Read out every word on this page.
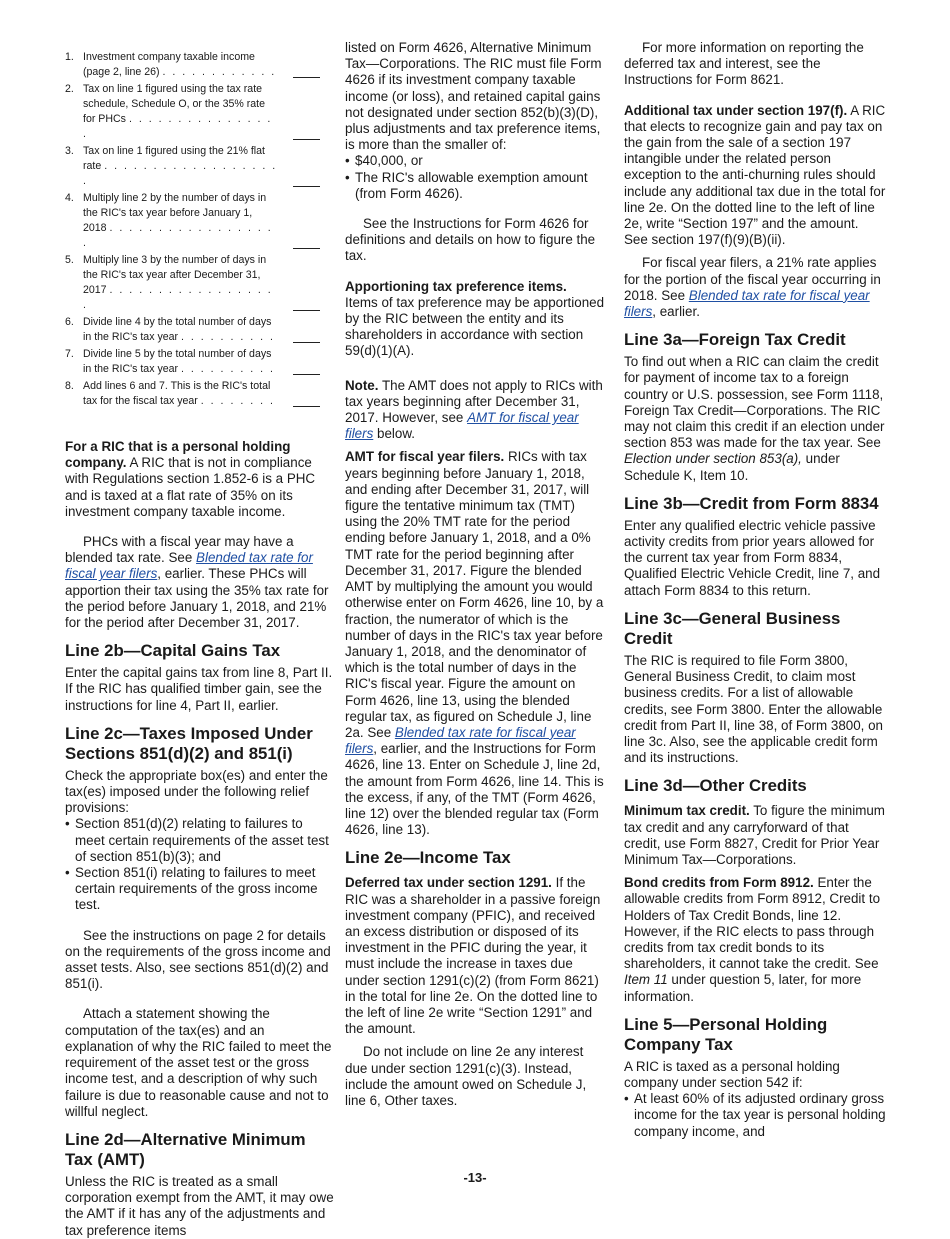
1. Investment company taxable income (page 2, line 26) . . . . . . . . . . . .
2. Tax on line 1 figured using the tax rate schedule, Schedule O, or the 35% rate for PHCs . . . . . . . . . . . . . . . .
3. Tax on line 1 figured using the 21% flat rate . . . . . . . . . . . . . . . . . . .
4. Multiply line 2 by the number of days in the RIC's tax year before January 1, 2018 . . . . . . . . . . . . . . . . . .
5. Multiply line 3 by the number of days in the RIC's tax year after December 31, 2017 . . . . . . . . . . . . . . . . . .
6. Divide line 4 by the total number of days in the RIC's tax year . . . . . . . . . .
7. Divide line 5 by the total number of days in the RIC's tax year . . . . . . . . . .
8. Add lines 6 and 7. This is the RIC's total tax for the fiscal tax year . . . . . . . .

For a RIC that is a personal holding company. A RIC that is not in compliance with Regulations section 1.852-6 is a PHC and is taxed at a flat rate of 35% on its investment company taxable income.

PHCs with a fiscal year may have a blended tax rate. See Blended tax rate for fiscal year filers, earlier. These PHCs will apportion their tax using the 35% tax rate for the period before January 1, 2018, and 21% for the period after December 31, 2017.

Line 2b—Capital Gains Tax

Enter the capital gains tax from line 8, Part II. If the RIC has qualified timber gain, see the instructions for line 4, Part II, earlier.

Line 2c—Taxes Imposed Under Sections 851(d)(2) and 851(i)

Check the appropriate box(es) and enter the tax(es) imposed under the following relief provisions:

• Section 851(d)(2) relating to failures to meet certain requirements of the asset test of section 851(b)(3); and
• Section 851(i) relating to failures to meet certain requirements of the gross income test.

See the instructions on page 2 for details on the requirements of the gross income and asset tests. Also, see sections 851(d)(2) and 851(i).

Attach a statement showing the computation of the tax(es) and an explanation of why the RIC failed to meet the requirement of the asset test or the gross income test, and a description of why such failure is due to reasonable cause and not to willful neglect.

Line 2d—Alternative Minimum Tax (AMT)

Unless the RIC is treated as a small corporation exempt from the AMT, it may owe the AMT if it has any of the adjustments and tax preference items

listed on Form 4626, Alternative Minimum Tax—Corporations. The RIC must file Form 4626 if its investment company taxable income (or loss), and retained capital gains not designated under section 852(b)(3)(D), plus adjustments and tax preference items, is more than the smaller of:

• $40,000, or
• The RIC's allowable exemption amount (from Form 4626).

See the Instructions for Form 4626 for definitions and details on how to figure the tax.

Apportioning tax preference items.
Items of tax preference may be apportioned by the RIC between the entity and its shareholders in accordance with section 59(d)(1)(A).

Note. The AMT does not apply to RICs with tax years beginning after December 31, 2017. However, see AMT for fiscal year filers below.

AMT for fiscal year filers. RICs with tax years beginning before January 1, 2018, and ending after December 31, 2017, will figure the tentative minimum tax (TMT) using the 20% TMT rate for the period ending before January 1, 2018, and a 0% TMT rate for the period beginning after December 31, 2017. Figure the blended AMT by multiplying the amount you would otherwise enter on Form 4626, line 10, by a fraction, the numerator of which is the number of days in the RIC's tax year before January 1, 2018, and the denominator of which is the total number of days in the RIC's fiscal year. Figure the amount on Form 4626, line 13, using the blended regular tax, as figured on Schedule J, line 2a. See Blended tax rate for fiscal year filers, earlier, and the Instructions for Form 4626, line 13. Enter on Schedule J, line 2d, the amount from Form 4626, line 14. This is the excess, if any, of the TMT (Form 4626, line 12) over the blended regular tax (Form 4626, line 13).

Line 2e—Income Tax

Deferred tax under section 1291. If the RIC was a shareholder in a passive foreign investment company (PFIC), and received an excess distribution or disposed of its investment in the PFIC during the year, it must include the increase in taxes due under section 1291(c)(2) (from Form 8621) in the total for line 2e. On the dotted line to the left of line 2e write “Section 1291” and the amount.

Do not include on line 2e any interest due under section 1291(c)(3). Instead, include the amount owed on Schedule J, line 6, Other taxes.

For more information on reporting the deferred tax and interest, see the Instructions for Form 8621.

Additional tax under section 197(f). A RIC that elects to recognize gain and pay tax on the gain from the sale of a section 197 intangible under the related person exception to the anti-churning rules should include any additional tax due in the total for line 2e. On the dotted line to the left of line 2e, write “Section 197” and the amount. See section 197(f)(9)(B)(ii).

For fiscal year filers, a 21% rate applies for the portion of the fiscal year occurring in 2018. See Blended tax rate for fiscal year filers, earlier.

Line 3a—Foreign Tax Credit

To find out when a RIC can claim the credit for payment of income tax to a foreign country or U.S. possession, see Form 1118, Foreign Tax Credit—Corporations. The RIC may not claim this credit if an election under section 853 was made for the tax year. See Election under section 853(a), under Schedule K, Item 10.

Line 3b—Credit from Form 8834

Enter any qualified electric vehicle passive activity credits from prior years allowed for the current tax year from Form 8834, Qualified Electric Vehicle Credit, line 7, and attach Form 8834 to this return.

Line 3c—General Business Credit

The RIC is required to file Form 3800, General Business Credit, to claim most business credits. For a list of allowable credits, see Form 3800. Enter the allowable credit from Part II, line 38, of Form 3800, on line 3c. Also, see the applicable credit form and its instructions.

Line 3d—Other Credits

Minimum tax credit. To figure the minimum tax credit and any carryforward of that credit, use Form 8827, Credit for Prior Year Minimum Tax—Corporations.

Bond credits from Form 8912. Enter the allowable credits from Form 8912, Credit to Holders of Tax Credit Bonds, line 12. However, if the RIC elects to pass through credits from tax credit bonds to its shareholders, it cannot take the credit. See Item 11 under question 5, later, for more information.

Line 5—Personal Holding Company Tax

A RIC is taxed as a personal holding company under section 542 if:

• At least 60% of its adjusted ordinary gross income for the tax year is personal holding company income, and
-13-
